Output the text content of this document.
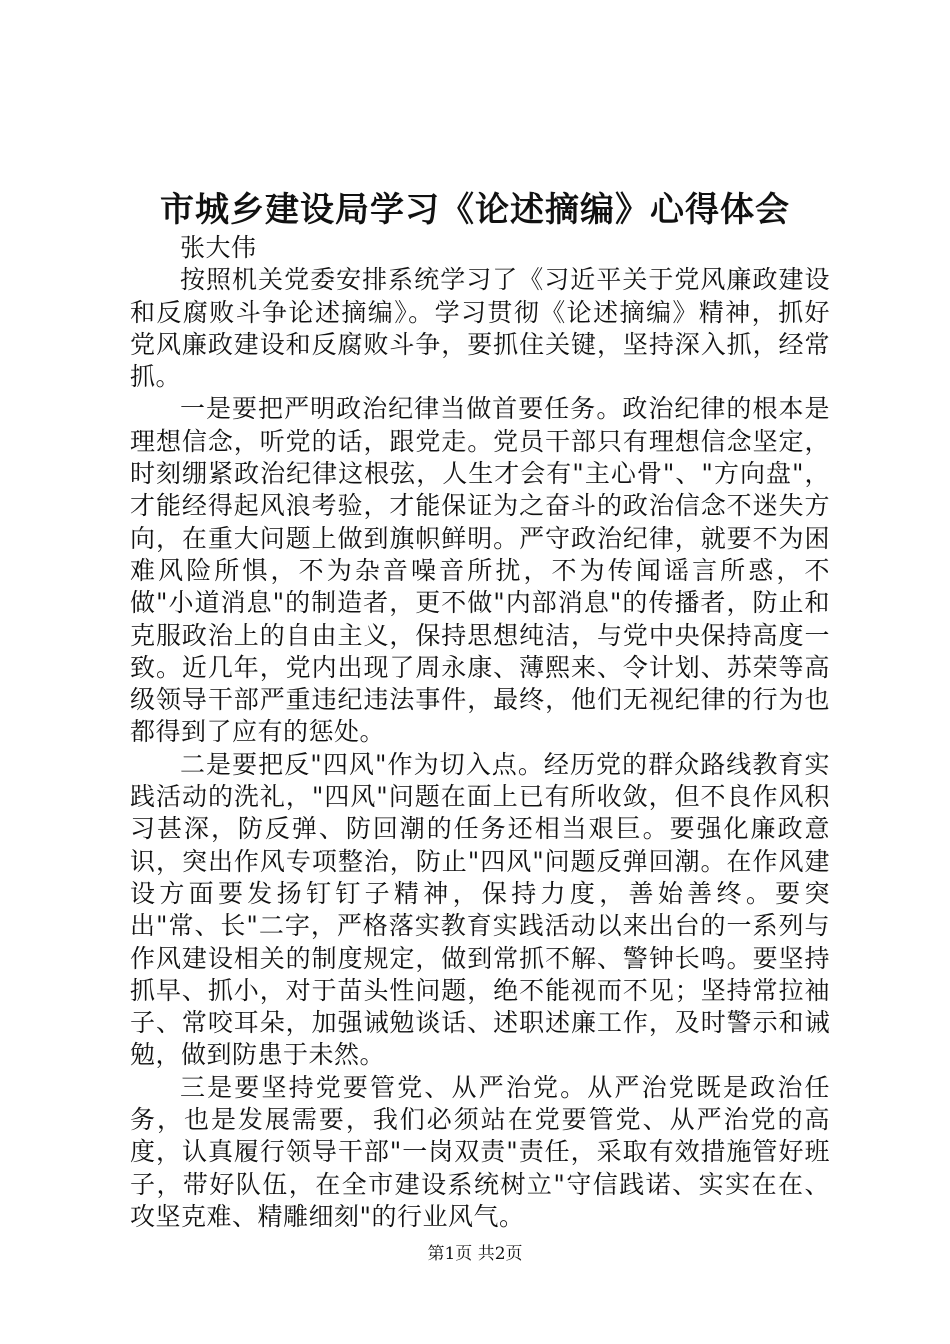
市城乡建设局学习《论述摘编》心得体会
张大伟

按照机关党委安排系统学习了《习近平关于党风廉政建设和反腐败斗争论述摘编》。学习贯彻《论述摘编》精神，抓好党风廉政建设和反腐败斗争，要抓住关键，坚持深入抓，经常抓。

一是要把严明政治纪律当做首要任务。政治纪律的根本是理想信念，听党的话，跟党走。党员干部只有理想信念坚定，时刻绷紧政治纪律这根弦，人生才会有"主心骨"、"方向盘"，才能经得起风浪考验，才能保证为之奋斗的政治信念不迷失方向，在重大问题上做到旗帜鲜明。严守政治纪律，就要不为困难风险所惧，不为杂音噪音所扰，不为传闻谣言所惑，不做"小道消息"的制造者，更不做"内部消息"的传播者，防止和克服政治上的自由主义，保持思想纯洁，与党中央保持高度一致。近几年，党内出现了周永康、薄熙来、令计划、苏荣等高级领导干部严重违纪违法事件，最终，他们无视纪律的行为也都得到了应有的惩处。

二是要把反"四风"作为切入点。经历党的群众路线教育实践活动的洗礼，"四风"问题在面上已有所收敛，但不良作风积习甚深，防反弹、防回潮的任务还相当艰巨。要强化廉政意识，突出作风专项整治，防止"四风"问题反弹回潮。在作风建设方面要发扬钉钉子精神，保持力度，善始善终。要突出"常、长"二字，严格落实教育实践活动以来出台的一系列与作风建设相关的制度规定，做到常抓不解、警钟长鸣。要坚持抓早、抓小，对于苗头性问题，绝不能视而不见；坚持常拉袖子、常咬耳朵，加强诫勉谈话、述职述廉工作，及时警示和诫勉，做到防患于未然。

三是要坚持党要管党、从严治党。从严治党既是政治任务，也是发展需要，我们必须站在党要管党、从严治党的高度，认真履行领导干部"一岗双责"责任，采取有效措施管好班子，带好队伍，在全市建设系统树立"守信践诺、实实在在、攻坚克难、精雕细刻"的行业风气。

第1页 共2页
